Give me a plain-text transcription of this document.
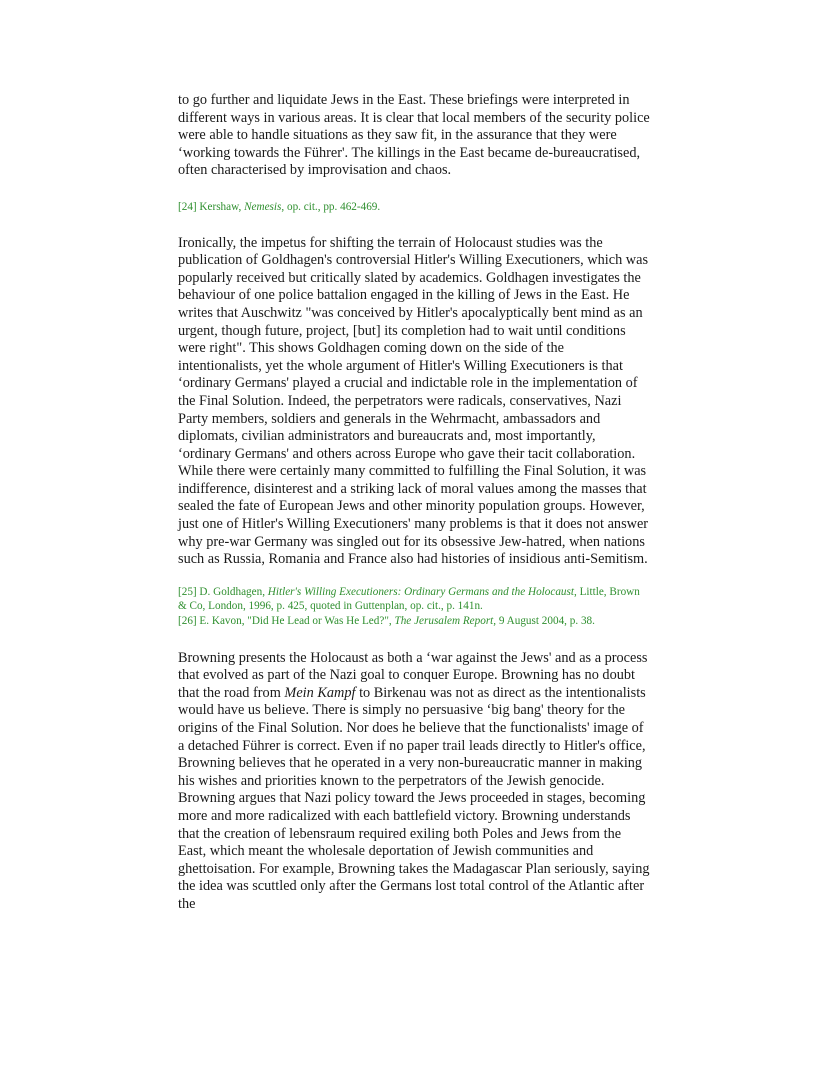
to go further and liquidate Jews in the East. These briefings were interpreted in different ways in various areas. It is clear that local members of the security police were able to handle situations as they saw fit, in the assurance that they were ‘working towards the Führer'. The killings in the East became de-bureaucratised, often characterised by improvisation and chaos.

[24] Kershaw, Nemesis, op. cit., pp. 462-469.

Ironically, the impetus for shifting the terrain of Holocaust studies was the publication of Goldhagen's controversial Hitler's Willing Executioners, which was popularly received but critically slated by academics. Goldhagen investigates the behaviour of one police battalion engaged in the killing of Jews in the East. He writes that Auschwitz "was conceived by Hitler's apocalyptically bent mind as an urgent, though future, project, [but] its completion had to wait until conditions were right". This shows Goldhagen coming down on the side of the intentionalists, yet the whole argument of Hitler's Willing Executioners is that ‘ordinary Germans' played a crucial and indictable role in the implementation of the Final Solution. Indeed, the perpetrators were radicals, conservatives, Nazi Party members, soldiers and generals in the Wehrmacht, ambassadors and diplomats, civilian administrators and bureaucrats and, most importantly, ‘ordinary Germans' and others across Europe who gave their tacit collaboration. While there were certainly many committed to fulfilling the Final Solution, it was indifference, disinterest and a striking lack of moral values among the masses that sealed the fate of European Jews and other minority population groups. However, just one of Hitler's Willing Executioners' many problems is that it does not answer why pre-war Germany was singled out for its obsessive Jew-hatred, when nations such as Russia, Romania and France also had histories of insidious anti-Semitism.

[25] D. Goldhagen, Hitler's Willing Executioners: Ordinary Germans and the Holocaust, Little, Brown & Co, London, 1996, p. 425, quoted in Guttenplan, op. cit., p. 141n.
[26] E. Kavon, "Did He Lead or Was He Led?", The Jerusalem Report, 9 August 2004, p. 38.

Browning presents the Holocaust as both a ‘war against the Jews' and as a process that evolved as part of the Nazi goal to conquer Europe. Browning has no doubt that the road from Mein Kampf to Birkenau was not as direct as the intentionalists would have us believe. There is simply no persuasive ‘big bang' theory for the origins of the Final Solution. Nor does he believe that the functionalists' image of a detached Führer is correct. Even if no paper trail leads directly to Hitler's office, Browning believes that he operated in a very non-bureaucratic manner in making his wishes and priorities known to the perpetrators of the Jewish genocide. Browning argues that Nazi policy toward the Jews proceeded in stages, becoming more and more radicalized with each battlefield victory. Browning understands that the creation of lebensraum required exiling both Poles and Jews from the East, which meant the wholesale deportation of Jewish communities and ghettoisation. For example, Browning takes the Madagascar Plan seriously, saying the idea was scuttled only after the Germans lost total control of the Atlantic after the
